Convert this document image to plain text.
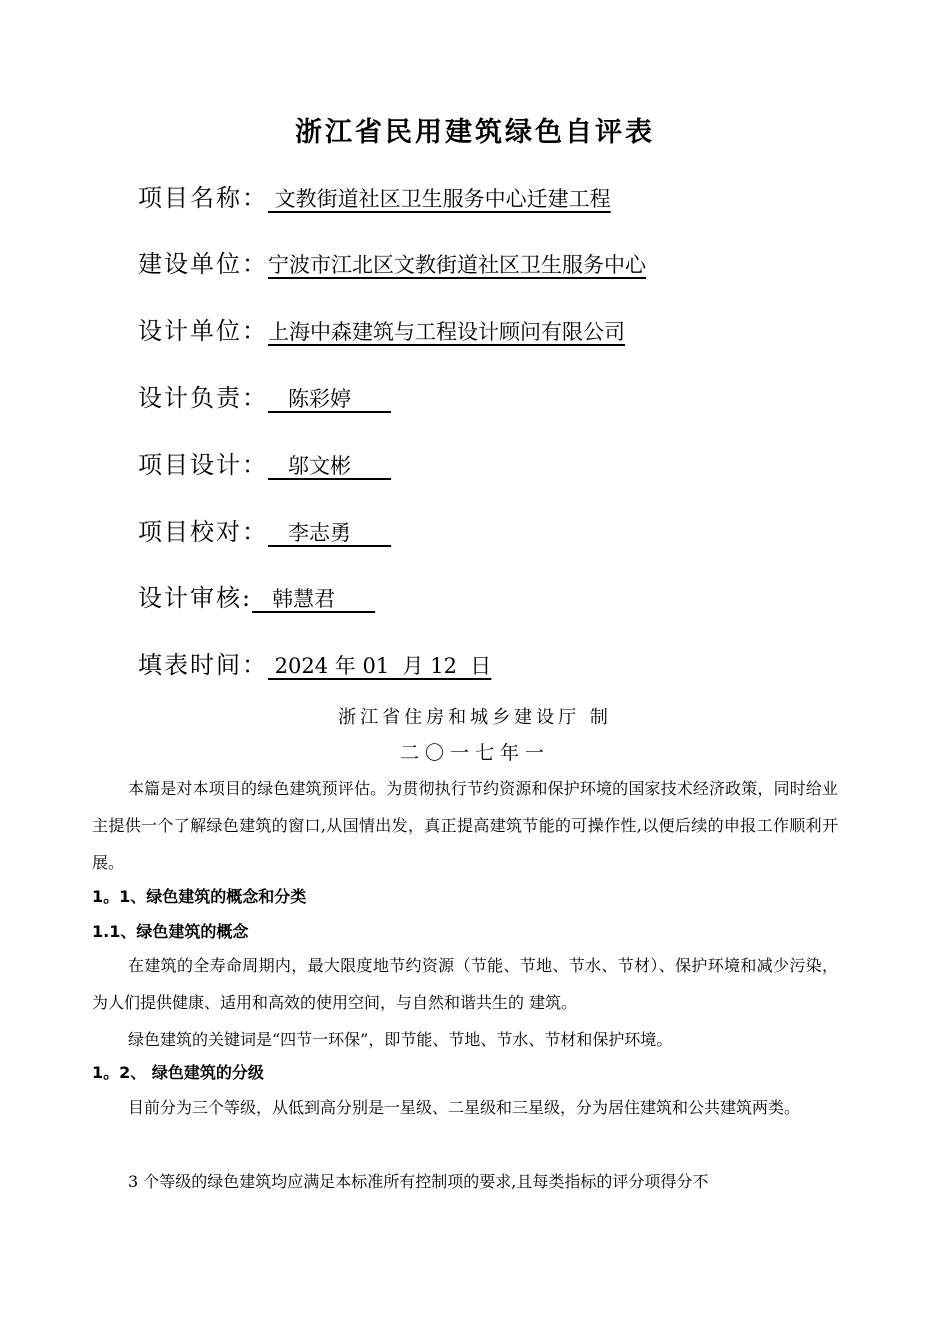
浙江省民用建筑绿色自评表
项目名称： 文教街道社区卫生服务中心迁建工程
建设单位：宁波市江北区文教街道社区卫生服务中心
设计单位：上海中森建筑与工程设计顾问有限公司
设计负责：   陈彩婷
项目设计：   邬文彬
项目校对：   李志勇
设计审核:   韩慧君
填表时间： 2024 年 01  月 12  日
浙江省住房和城乡建设厅 制
二〇一七年一
本篇是对本项目的绿色建筑预评估。为贯彻执行节约资源和保护环境的国家技术经济政策，同时给业主提供一个了解绿色建筑的窗口,从国情出发，真正提高建筑节能的可操作性,以便后续的申报工作顺利开展。
1。1、绿色建筑的概念和分类
1.1、绿色建筑的概念
在建筑的全寿命周期内，最大限度地节约资源（节能、节地、节水、节材）、保护环境和减少污染，为人们提供健康、适用和高效的使用空间，与自然和谐共生的 建筑。
绿色建筑的关键词是“四节一环保”，即节能、节地、节水、节材和保护环境。
1。2、 绿色建筑的分级
目前分为三个等级，从低到高分别是一星级、二星级和三星级，分为居住建筑和公共建筑两类。
3 个等级的绿色建筑均应满足本标准所有控制项的要求,且每类指标的评分项得分不
